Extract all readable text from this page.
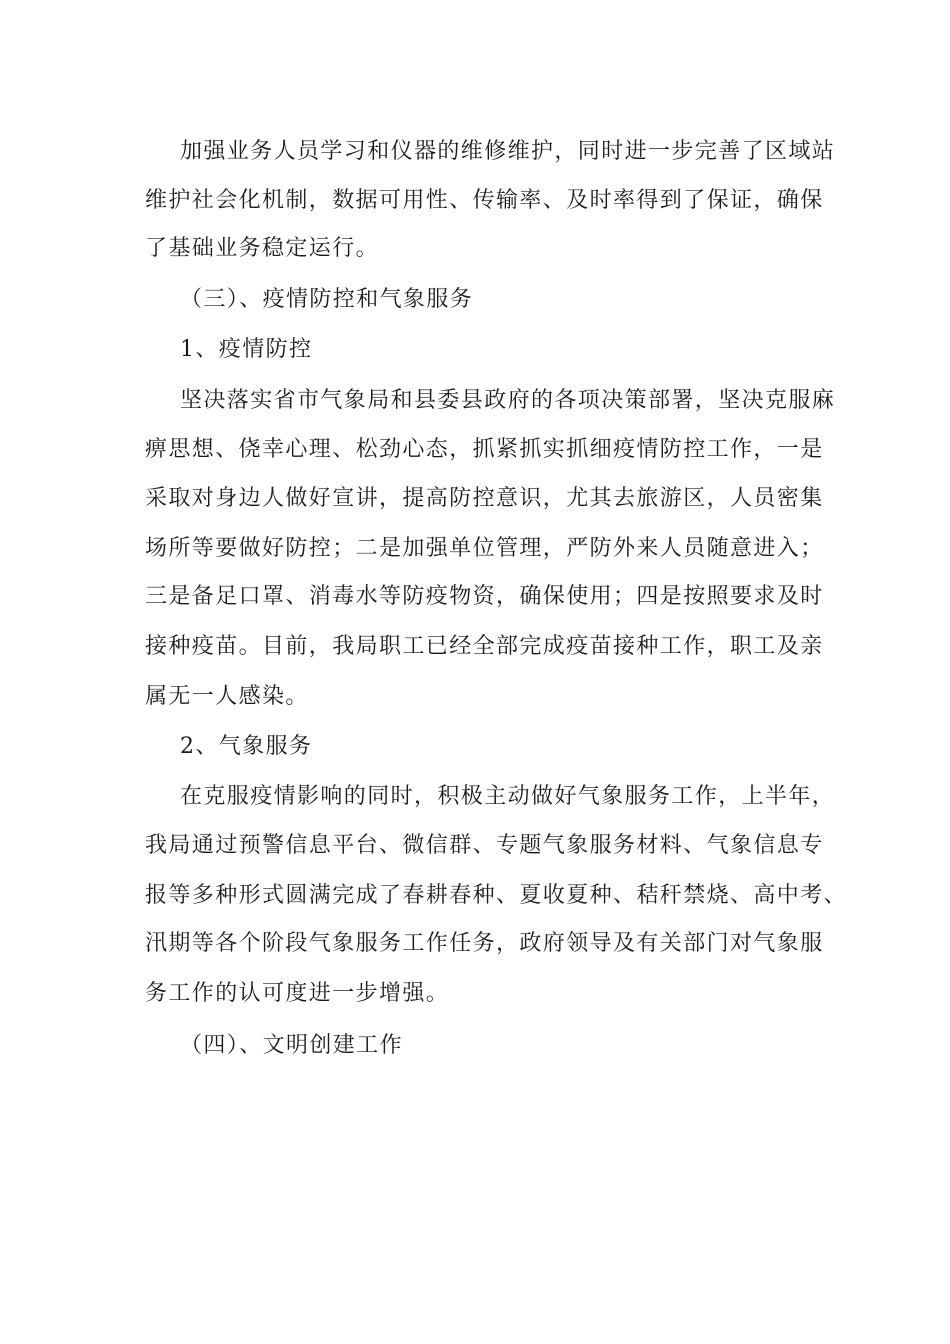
加强业务人员学习和仪器的维修维护，同时进一步完善了区域站
维护社会化机制，数据可用性、传输率、及时率得到了保证，确保
了基础业务稳定运行。
（三）、疫情防控和气象服务
1、疫情防控
坚决落实省市气象局和县委县政府的各项决策部署，坚决克服麻
痹思想、侥幸心理、松劲心态，抓紧抓实抓细疫情防控工作，一是
采取对身边人做好宣讲，提高防控意识，尤其去旅游区，人员密集
场所等要做好防控；二是加强单位管理，严防外来人员随意进入；
三是备足口罩、消毒水等防疫物资，确保使用；四是按照要求及时
接种疫苗。目前，我局职工已经全部完成疫苗接种工作，职工及亲
属无一人感染。
2、气象服务
在克服疫情影响的同时，积极主动做好气象服务工作，上半年，
我局通过预警信息平台、微信群、专题气象服务材料、气象信息专
报等多种形式圆满完成了春耕春种、夏收夏种、秸秆禁烧、高中考、
汛期等各个阶段气象服务工作任务，政府领导及有关部门对气象服
务工作的认可度进一步增强。
（四）、文明创建工作
